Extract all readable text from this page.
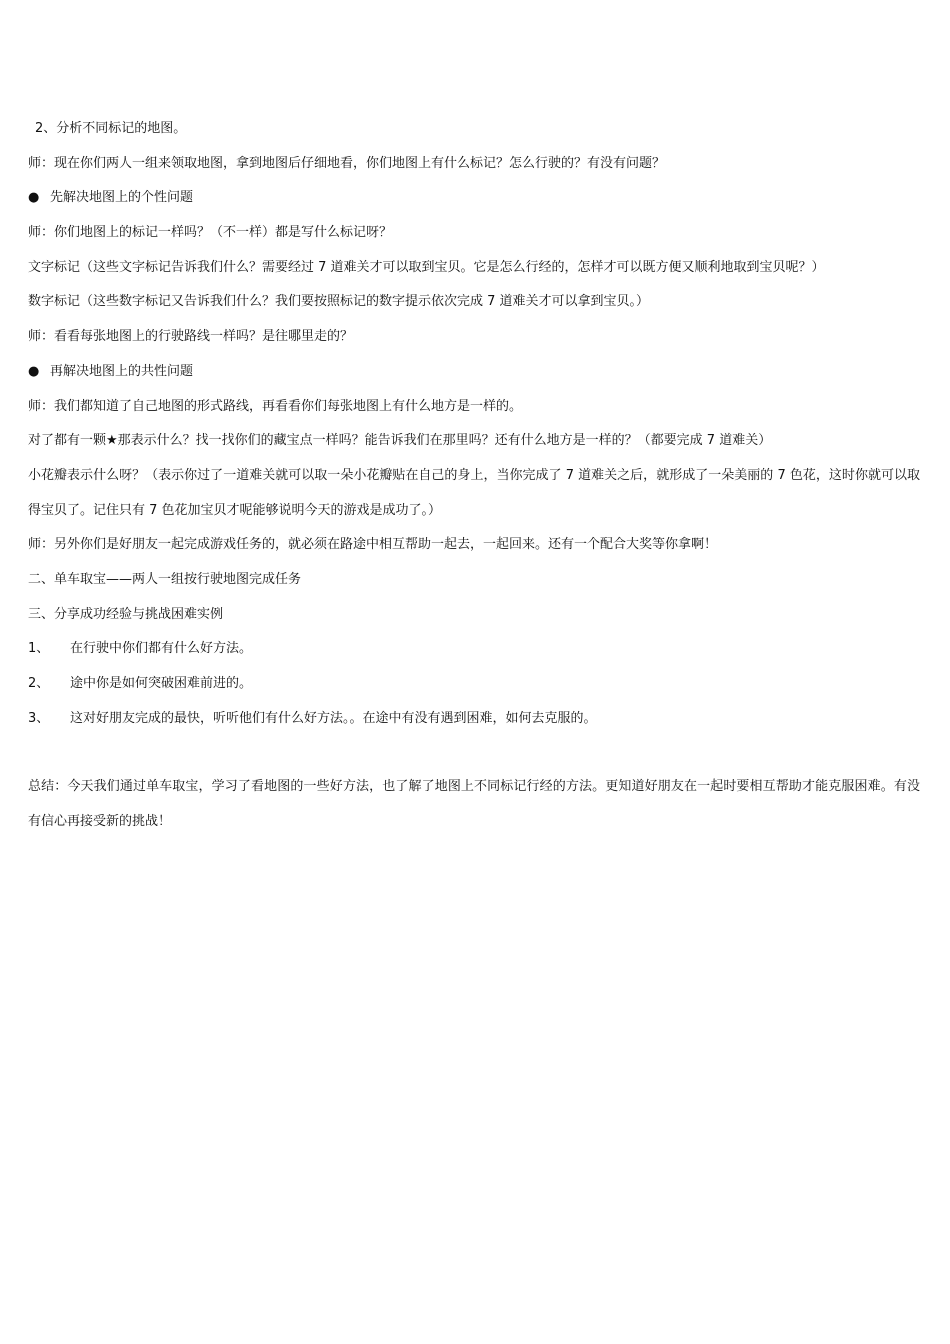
2、分析不同标记的地图。
师：现在你们两人一组来领取地图，拿到地图后仔细地看，你们地图上有什么标记？怎么行驶的？有没有问题？
● 先解决地图上的个性问题
师：你们地图上的标记一样吗？（不一样）都是写什么标记呀？
文字标记（这些文字标记告诉我们什么？需要经过 7 道难关才可以取到宝贝。它是怎么行经的，怎样才可以既方便又顺利地取到宝贝呢？）
数字标记（这些数字标记又告诉我们什么？我们要按照标记的数字提示依次完成 7 道难关才可以拿到宝贝。）
师：看看每张地图上的行驶路线一样吗？是往哪里走的？
● 再解决地图上的共性问题
师：我们都知道了自己地图的形式路线，再看看你们每张地图上有什么地方是一样的。
对了都有一颗★那表示什么？找一找你们的藏宝点一样吗？能告诉我们在那里吗？还有什么地方是一样的？（都要完成 7 道难关）
小花瓣表示什么呀？（表示你过了一道难关就可以取一朵小花瓣贴在自己的身上，当你完成了 7 道难关之后，就形成了一朵美丽的 7 色花，这时你就可以取得宝贝了。记住只有 7 色花加宝贝才呢能够说明今天的游戏是成功了。）
师：另外你们是好朋友一起完成游戏任务的，就必须在路途中相互帮助一起去，一起回来。还有一个配合大奖等你拿啊！
二、单车取宝——两人一组按行驶地图完成任务
三、分享成功经验与挑战困难实例
1、 在行驶中你们都有什么好方法。
2、 途中你是如何突破困难前进的。
3、 这对好朋友完成的最快，听听他们有什么好方法。。在途中有没有遇到困难，如何去克服的。
总结：今天我们通过单车取宝，学习了看地图的一些好方法，也了解了地图上不同标记行经的方法。更知道好朋友在一起时要相互帮助才能克服困难。有没有信心再接受新的挑战！
